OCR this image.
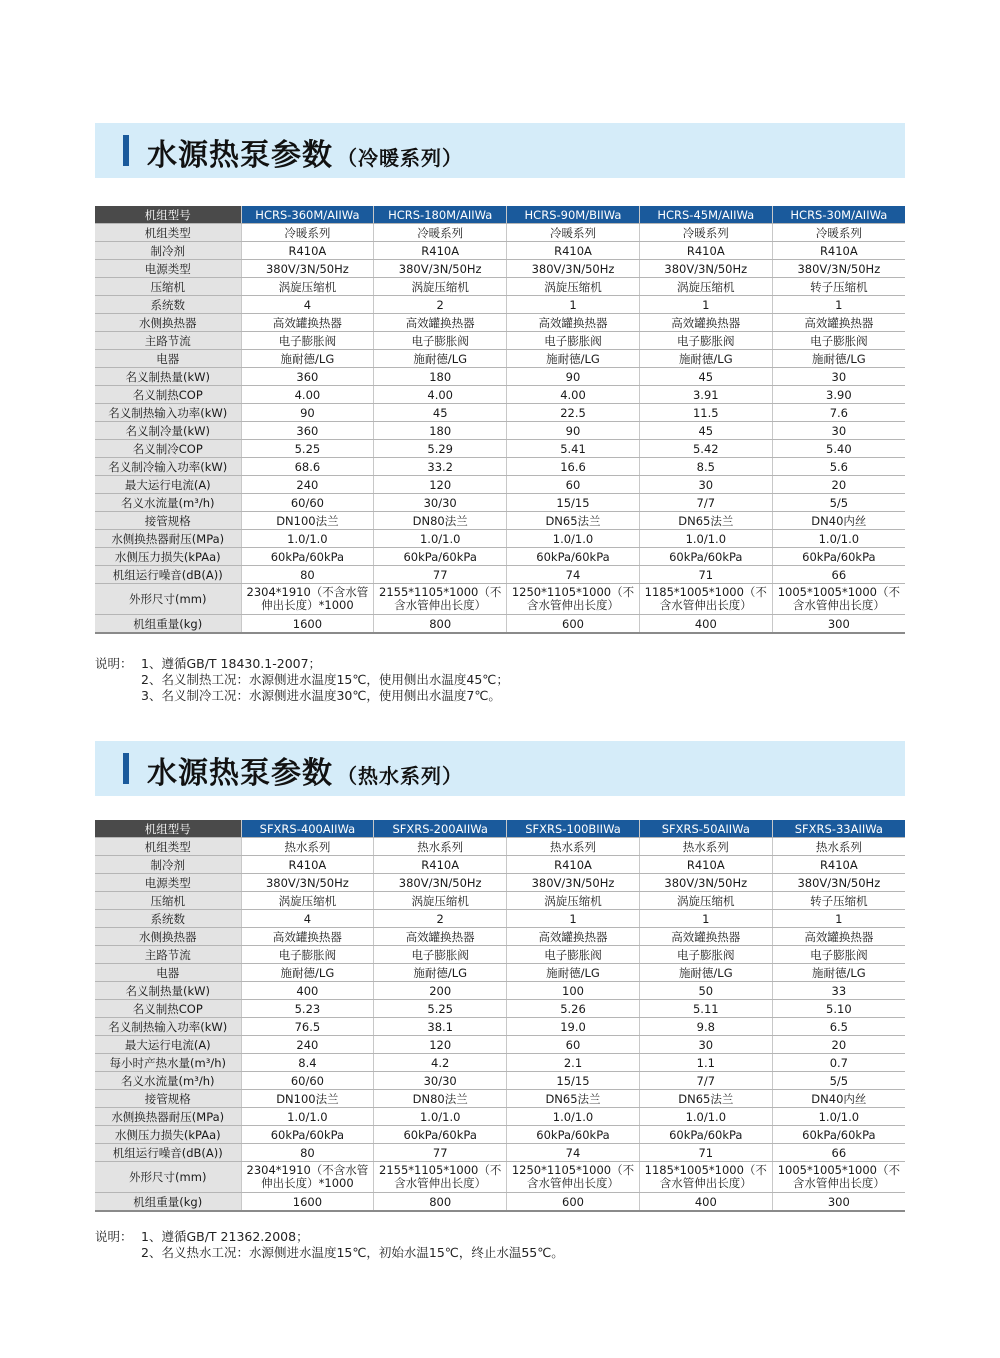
水源热泵参数 （冷暖系列）
机组型号	HCRS-360M/AIIWa	HCRS-180M/AIIWa	HCRS-90M/BIIWa	HCRS-45M/AIIWa	HCRS-30M/AIIWa
机组类型	冷暖系列	冷暖系列	冷暖系列	冷暖系列	冷暖系列
制冷剂	R410A	R410A	R410A	R410A	R410A
电源类型	380V/3N/50Hz	380V/3N/50Hz	380V/3N/50Hz	380V/3N/50Hz	380V/3N/50Hz
压缩机	涡旋压缩机	涡旋压缩机	涡旋压缩机	涡旋压缩机	转子压缩机
系统数	4	2	1	1	1
水侧换热器	高效罐换热器	高效罐换热器	高效罐换热器	高效罐换热器	高效罐换热器
主路节流	电子膨胀阀	电子膨胀阀	电子膨胀阀	电子膨胀阀	电子膨胀阀
电器	施耐德/LG	施耐德/LG	施耐德/LG	施耐德/LG	施耐德/LG
名义制热量(kW)	360	180	90	45	30
名义制热COP	4.00	4.00	4.00	3.91	3.90
名义制热输入功率(kW)	90	45	22.5	11.5	7.6
名义制冷量(kW)	360	180	90	45	30
名义制冷COP	5.25	5.29	5.41	5.42	5.40
名义制冷输入功率(kW)	68.6	33.2	16.6	8.5	5.6
最大运行电流(A)	240	120	60	30	20
名义水流量(m³/h)	60/60	30/30	15/15	7/7	5/5
接管规格	DN100法兰	DN80法兰	DN65法兰	DN65法兰	DN40内丝
水侧换热器耐压(MPa)	1.0/1.0	1.0/1.0	1.0/1.0	1.0/1.0	1.0/1.0
水侧压力损失(kPAa)	60kPa/60kPa	60kPa/60kPa	60kPa/60kPa	60kPa/60kPa	60kPa/60kPa
机组运行噪音(dB(A))	80	77	74	71	66
外形尺寸(mm)	2304*1910（不含水管伸出长度）*1000	2155*1105*1000（不含水管伸出长度）	1250*1105*1000（不含水管伸出长度）	1185*1005*1000（不含水管伸出长度）	1005*1005*1000（不含水管伸出长度）
机组重量(kg)	1600	800	600	400	300
说明： 1、遵循GB/T 18430.1-2007；
2、名义制热工况：水源侧进水温度15℃，使用侧出水温度45℃；
3、名义制冷工况：水源侧进水温度30℃，使用侧出水温度7℃。
水源热泵参数 （热水系列）
机组型号	SFXRS-400AIIWa	SFXRS-200AIIWa	SFXRS-100BIIWa	SFXRS-50AIIWa	SFXRS-33AIIWa
机组类型	热水系列	热水系列	热水系列	热水系列	热水系列
制冷剂	R410A	R410A	R410A	R410A	R410A
电源类型	380V/3N/50Hz	380V/3N/50Hz	380V/3N/50Hz	380V/3N/50Hz	380V/3N/50Hz
压缩机	涡旋压缩机	涡旋压缩机	涡旋压缩机	涡旋压缩机	转子压缩机
系统数	4	2	1	1	1
水侧换热器	高效罐换热器	高效罐换热器	高效罐换热器	高效罐换热器	高效罐换热器
主路节流	电子膨胀阀	电子膨胀阀	电子膨胀阀	电子膨胀阀	电子膨胀阀
电器	施耐德/LG	施耐德/LG	施耐德/LG	施耐德/LG	施耐德/LG
名义制热量(kW)	400	200	100	50	33
名义制热COP	5.23	5.25	5.26	5.11	5.10
名义制热输入功率(kW)	76.5	38.1	19.0	9.8	6.5
最大运行电流(A)	240	120	60	30	20
每小时产热水量(m³/h)	8.4	4.2	2.1	1.1	0.7
名义水流量(m³/h)	60/60	30/30	15/15	7/7	5/5
接管规格	DN100法兰	DN80法兰	DN65法兰	DN65法兰	DN40内丝
水侧换热器耐压(MPa)	1.0/1.0	1.0/1.0	1.0/1.0	1.0/1.0	1.0/1.0
水侧压力损失(kPAa)	60kPa/60kPa	60kPa/60kPa	60kPa/60kPa	60kPa/60kPa	60kPa/60kPa
机组运行噪音(dB(A))	80	77	74	71	66
外形尺寸(mm)	2304*1910（不含水管伸出长度）*1000	2155*1105*1000（不含水管伸出长度）	1250*1105*1000（不含水管伸出长度）	1185*1005*1000（不含水管伸出长度）	1005*1005*1000（不含水管伸出长度）
机组重量(kg)	1600	800	600	400	300
说明： 1、遵循GB/T 21362.2008；
2、名义热水工况：水源侧进水温度15℃，初始水温15℃，终止水温55℃。
